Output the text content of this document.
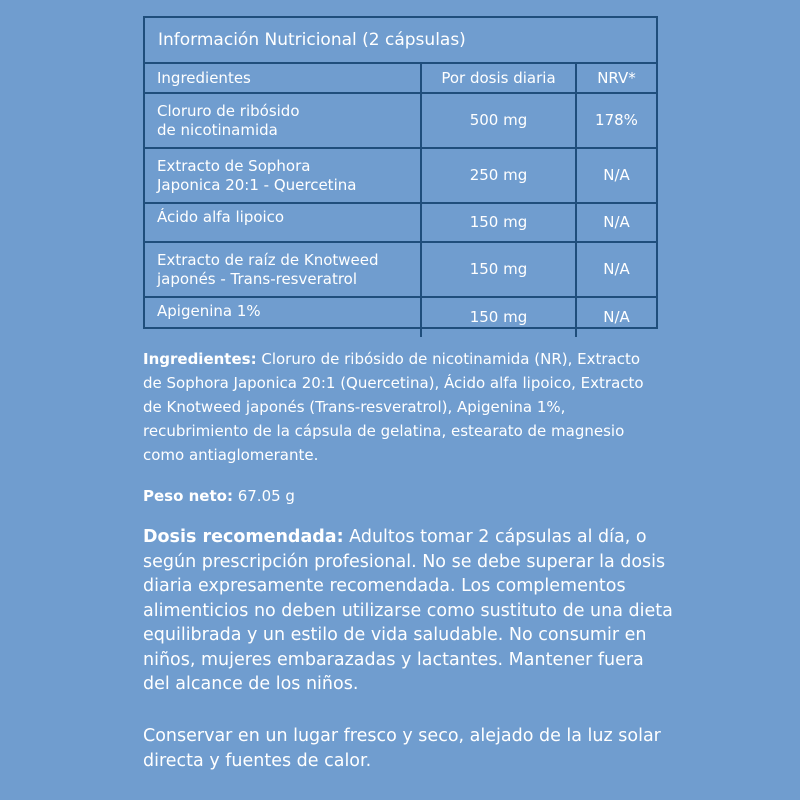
Información Nutricional (2 cápsulas)
Ingredientes	Por dosis diaria	NRV*

Cloruro de ribósido
de nicotinamida	500 mg	178%

Extracto de Sophora
Japonica 20:1 - Quercetina	250 mg	N/A

Ácido alfa lipoico	150 mg	N/A

Extracto de raíz de Knotweed
japonés - Trans-resveratrol	150 mg	N/A

Apigenina 1%	150 mg	N/A
Ingredientes: Cloruro de ribósido de nicotinamida (NR), Extracto de Sophora Japonica 20:1 (Quercetina), Ácido alfa lipoico, Extracto de Knotweed japonés (Trans-resveratrol), Apigenina 1%, recubrimiento de la cápsula de gelatina, estearato de magnesio como antiaglomerante.
Peso neto: 67.05 g
Dosis recomendada: Adultos tomar 2 cápsulas al día, o según prescripción profesional. No se debe superar la dosis diaria expresamente recomendada. Los complementos alimenticios no deben utilizarse como sustituto de una dieta equilibrada y un estilo de vida saludable. No consumir en niños, mujeres embarazadas y lactantes. Mantener fuera del alcance de los niños.
Conservar en un lugar fresco y seco, alejado de la luz solar directa y fuentes de calor.
